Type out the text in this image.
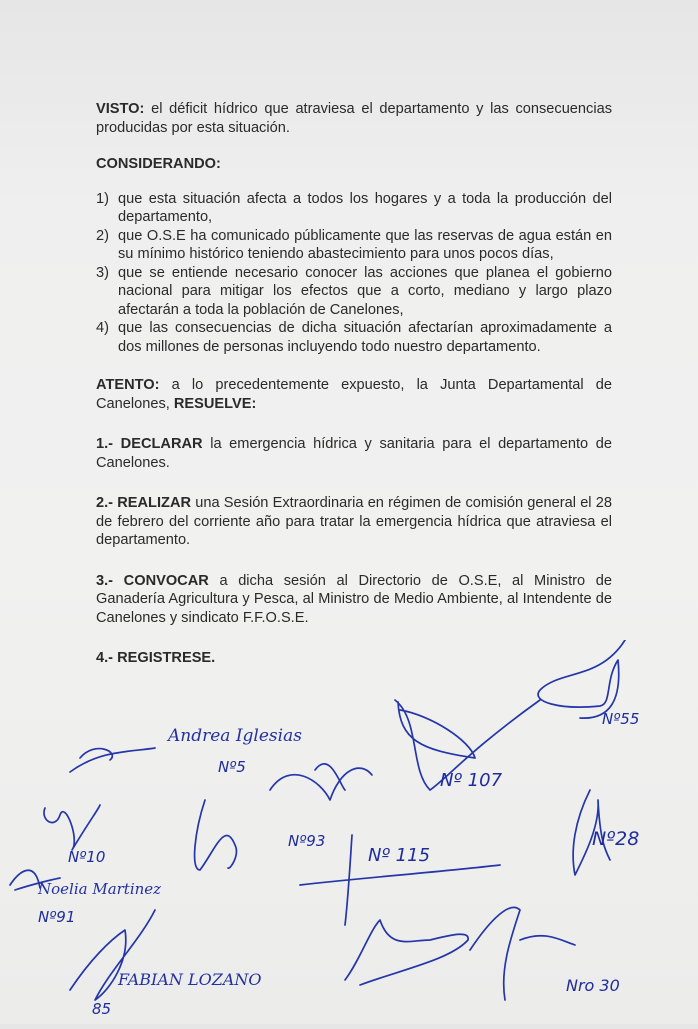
VISTO: el déficit hídrico que atraviesa el departamento y las consecuencias producidas por esta situación.

CONSIDERANDO:

1) que esta situación afecta a todos los hogares y a toda la producción del departamento,
2) que O.S.E ha comunicado públicamente que las reservas de agua están en su mínimo histórico teniendo abastecimiento para unos pocos días,
3) que se entiende necesario conocer las acciones que planea el gobierno nacional para mitigar los efectos que a corto, mediano y largo plazo afectarán a toda la población de Canelones,
4) que las consecuencias de dicha situación afectarían aproximadamente a dos millones de personas incluyendo todo nuestro departamento.

ATENTO: a lo precedentemente expuesto, la Junta Departamental de Canelones, RESUELVE:

1.- DECLARAR la emergencia hídrica y sanitaria para el departamento de Canelones.

2.- REALIZAR una Sesión Extraordinaria en régimen de comisión general el 28 de febrero del corriente año para tratar la emergencia hídrica que atraviesa el departamento.

3.- CONVOCAR a dicha sesión al Directorio de O.S.E, al Ministro de Ganadería Agricultura y Pesca, al Ministro de Medio Ambiente, al Intendente de Canelones y sindicato F.F.O.S.E.

4.- REGISTRESE.

Andrea Iglesias
Nº5
Nº55
Nº 107
Nº10
Nº93
Nº 115
Nº28
Noelia Martinez
Nº91
FABIAN LOZANO
85
Nro 30
